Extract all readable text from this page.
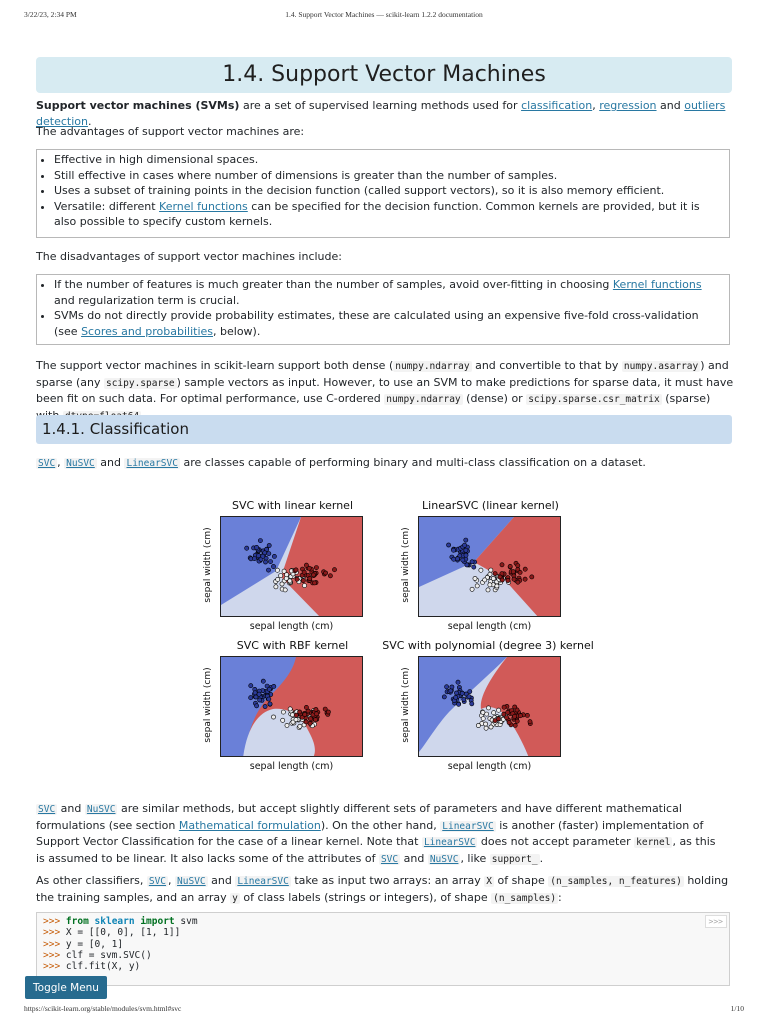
3/22/23, 2:34 PM	1.4. Support Vector Machines — scikit-learn 1.2.2 documentation
1.4. Support Vector Machines
Support vector machines (SVMs) are a set of supervised learning methods used for classification, regression and outliers detection.
The advantages of support vector machines are:
• Effective in high dimensional spaces.
• Still effective in cases where number of dimensions is greater than the number of samples.
• Uses a subset of training points in the decision function (called support vectors), so it is also memory efficient.
• Versatile: different Kernel functions can be specified for the decision function. Common kernels are provided, but it is also possible to specify custom kernels.
The disadvantages of support vector machines include:
• If the number of features is much greater than the number of samples, avoid over-fitting in choosing Kernel functions and regularization term is crucial.
• SVMs do not directly provide probability estimates, these are calculated using an expensive five-fold cross-validation (see Scores and probabilities, below).
The support vector machines in scikit-learn support both dense ( numpy.ndarray and convertible to that by numpy.asarray ) and sparse (any scipy.sparse ) sample vectors as input. However, to use an SVM to make predictions for sparse data, it must have been fit on such data. For optimal performance, use C-ordered numpy.ndarray (dense) or scipy.sparse.csr_matrix (sparse)
1.4.1. Classification
SVC , NuSVC and LinearSVC are classes capable of performing binary and multi-class classification on a dataset.
SVC with linear kernel
sepal width (cm)
sepal length (cm)
LinearSVC (linear kernel)
sepal width (cm)
sepal length (cm)
SVC with RBF kernel
sepal width (cm)
sepal length (cm)
SVC with polynomial (degree 3) kernel
sepal width (cm)
sepal length (cm)
SVC and NuSVC are similar methods, but accept slightly different sets of parameters and have different mathematical formulations (see section Mathematical formulation). On the other hand, LinearSVC is another (faster) implementation of Support Vector Classification for the case of a linear kernel. Note that LinearSVC does not accept parameter kernel , as this is assumed to be linear. It also lacks some of the attributes of SVC and NuSVC , like support_ .
As other classifiers, SVC , NuSVC and LinearSVC take as input two arrays: an array X of shape (n_samples, n_features) holding the training samples, and an array y of class labels (strings or integers), of shape (n_samples) :
>>>
>>> from sklearn import svm
>>> X = [[0, 0], [1, 1]]
>>> y = [0, 1]
>>> clf = svm.SVC()
>>> clf.fit(X, y)
Toggle Menu
https://scikit-learn.org/stable/modules/svm.html#svc	1/10
